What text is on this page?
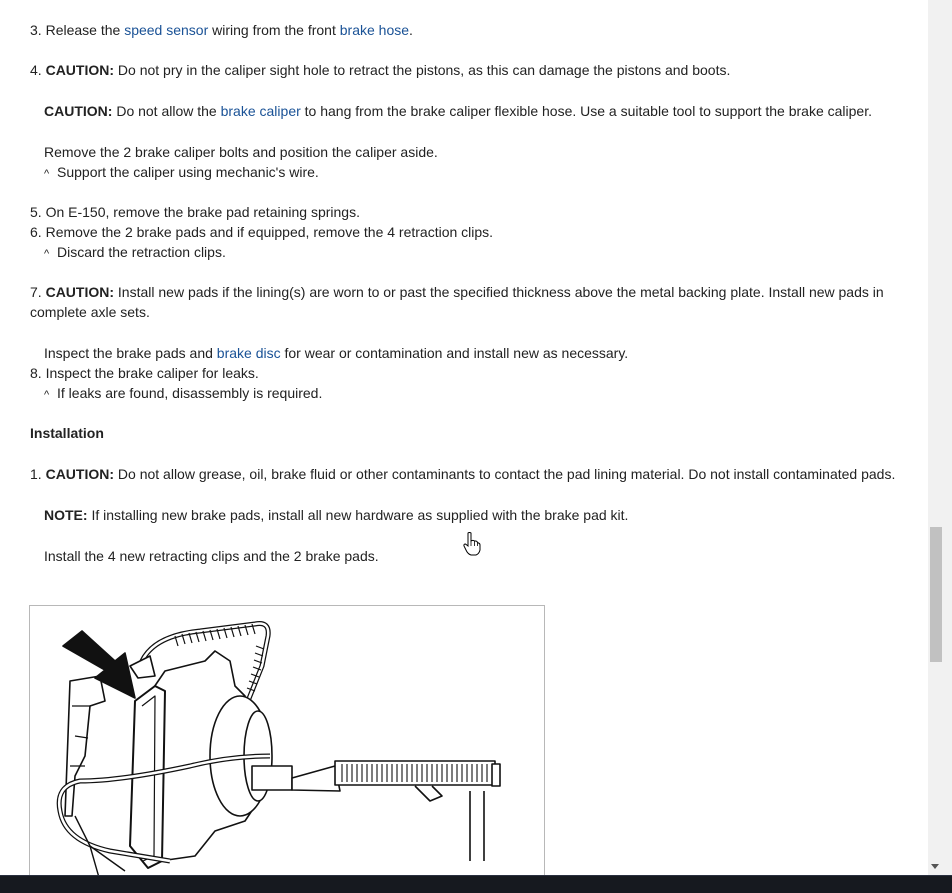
3. Release the speed sensor wiring from the front brake hose.
4. CAUTION: Do not pry in the caliper sight hole to retract the pistons, as this can damage the pistons and boots.
CAUTION: Do not allow the brake caliper to hang from the brake caliper flexible hose. Use a suitable tool to support the brake caliper.
Remove the 2 brake caliper bolts and position the caliper aside.
^ Support the caliper using mechanic's wire.
5. On E-150, remove the brake pad retaining springs.
6. Remove the 2 brake pads and if equipped, remove the 4 retraction clips.
^ Discard the retraction clips.
7. CAUTION: Install new pads if the lining(s) are worn to or past the specified thickness above the metal backing plate. Install new pads in complete axle sets.
Inspect the brake pads and brake disc for wear or contamination and install new as necessary.
8. Inspect the brake caliper for leaks.
^ If leaks are found, disassembly is required.
Installation
1. CAUTION: Do not allow grease, oil, brake fluid or other contaminants to contact the pad lining material. Do not install contaminated pads.
NOTE: If installing new brake pads, install all new hardware as supplied with the brake pad kit.
Install the 4 new retracting clips and the 2 brake pads.
